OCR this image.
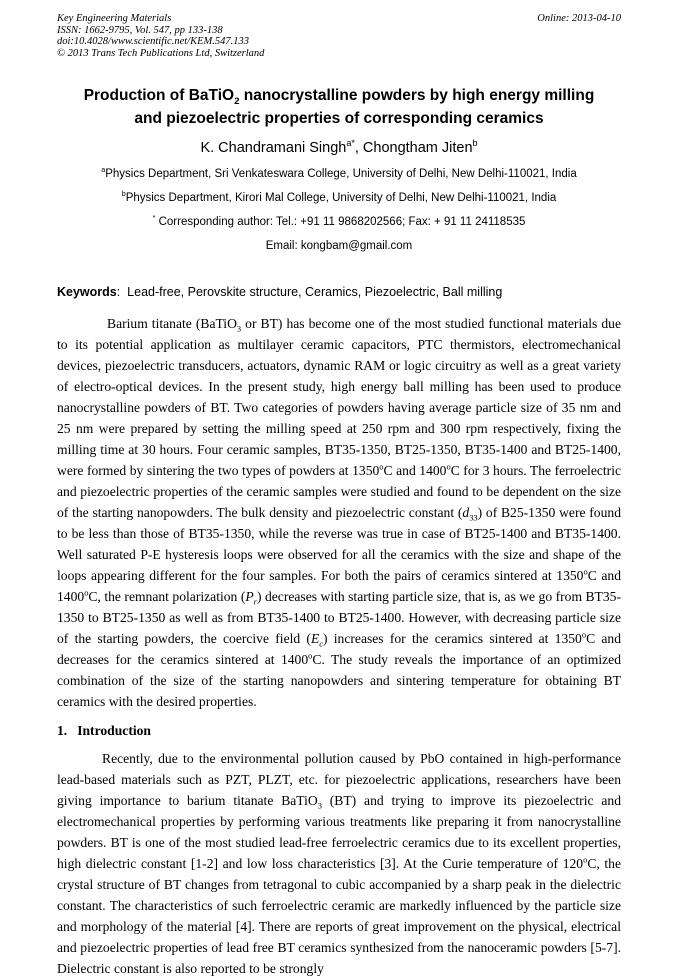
Key Engineering Materials
ISSN: 1662-9795, Vol. 547, pp 133-138
doi:10.4028/www.scientific.net/KEM.547.133
© 2013 Trans Tech Publications Ltd, Switzerland
Online: 2013-04-10
Production of BaTiO$_2$ nanocrystalline powders by high energy milling
and piezoelectric properties of corresponding ceramics
K. Chandramani Singh$^{a*}$, Chongtham Jiten$^b$
$^a$Physics Department, Sri Venkateswara College, University of Delhi, New Delhi-110021, India
$^b$Physics Department, Kirori Mal College, University of Delhi, New Delhi-110021, India
* Corresponding author: Tel.: +91 11 9868202566; Fax: + 91 11 24118535
Email: kongbam@gmail.com
Keywords:  Lead-free, Perovskite structure, Ceramics, Piezoelectric, Ball milling

Barium titanate (BaTiO$_3$ or BT) has become one of the most studied functional materials due to its potential application as multilayer ceramic capacitors, PTC thermistors, electromechanical devices, piezoelectric transducers, actuators, dynamic RAM or logic circuitry as well as a great variety of electro-optical devices. In the present study, high energy ball milling has been used to produce nanocrystalline powders of BT. Two categories of powders having average particle size of 35 nm and 25 nm were prepared by setting the milling speed at 250 rpm and 300 rpm respectively, fixing the milling time at 30 hours. Four ceramic samples, BT35-1350, BT25-1350, BT35-1400 and BT25-1400, were formed by sintering the two types of powders at 1350$^o$C and 1400$^o$C for 3 hours. The ferroelectric and piezoelectric properties of the ceramic samples were studied and found to be dependent on the size of the starting nanopowders. The bulk density and piezoelectric constant $(d_{33})$ of B25-1350 were found to be less than those of BT35-1350, while the reverse was true in case of BT25-1400 and BT35-1400. Well saturated P-E hysteresis loops were observed for all the ceramics with the size and shape of the loops appearing different for the four samples. For both the pairs of ceramics sintered at 1350$^o$C and 1400$^o$C, the remnant polarization $(P_r)$ decreases with starting particle size, that is, as we go from BT35-1350 to BT25-1350 as well as from BT35-1400 to BT25-1400. However, with decreasing particle size of the starting powders, the coercive field $(E_c)$ increases for the ceramics sintered at 1350$^o$C and decreases for the ceramics sintered at 1400$^o$C. The study reveals the importance of an optimized combination of the size of the starting nanopowders and sintering temperature for obtaining BT ceramics with the desired properties.

1. Introduction

Recently, due to the environmental pollution caused by PbO contained in high-performance lead-based materials such as PZT, PLZT, etc. for piezoelectric applications, researchers have been giving importance to barium titanate BaTiO$_3$ (BT) and trying to improve its piezoelectric and electromechanical properties by performing various treatments like preparing it from nanocrystalline powders. BT is one of the most studied lead-free ferroelectric ceramics due to its excellent properties, high dielectric constant [1-2] and low loss characteristics [3]. At the Curie temperature of 120$^o$C, the crystal structure of BT changes from tetragonal to cubic accompanied by a sharp peak in the dielectric constant. The characteristics of such ferroelectric ceramic are markedly influenced by the particle size and morphology of the material [4]. There are reports of great improvement on the physical, electrical and piezoelectric properties of lead free BT ceramics synthesized from the nanoceramic powders [5-7]. Dielectric constant is also reported to be strongly
